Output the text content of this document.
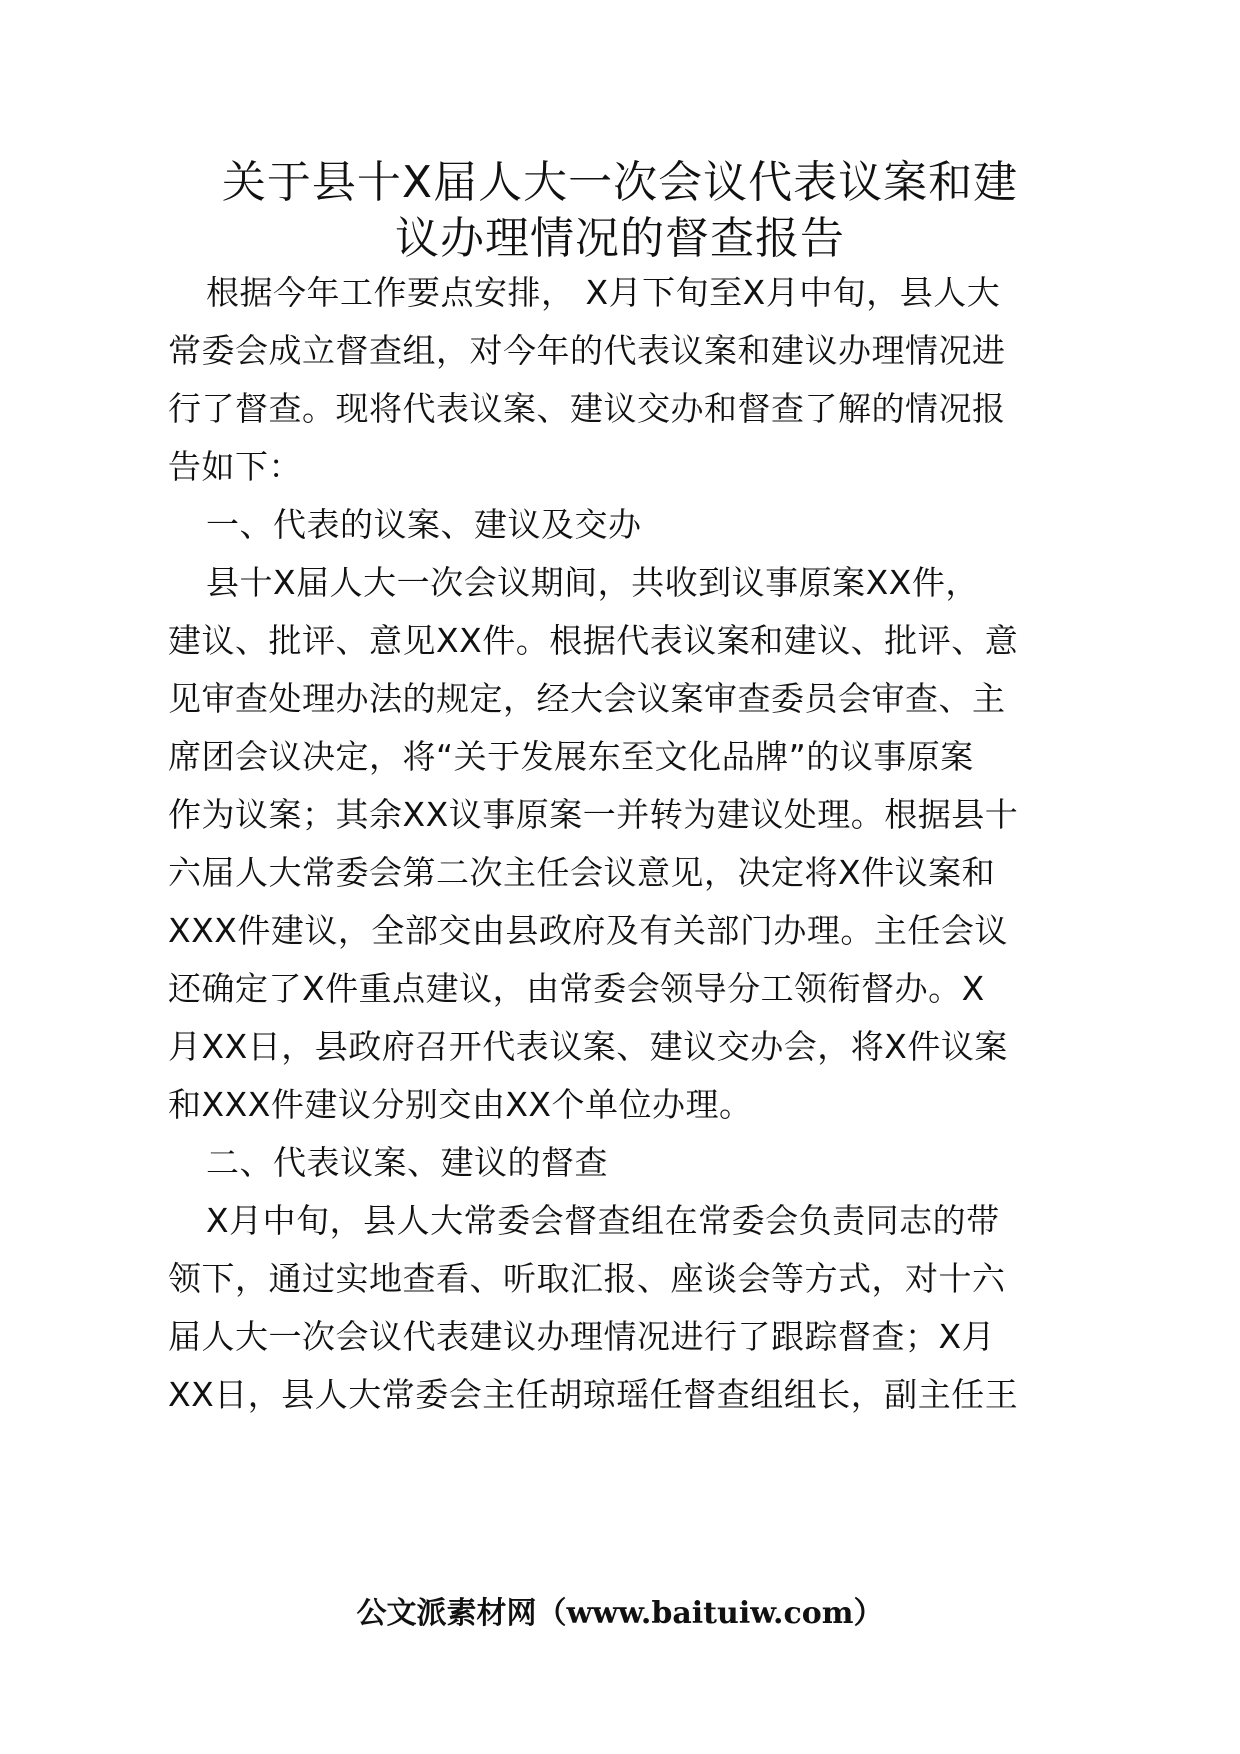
关于县十Ⅹ届人大一次会议代表议案和建
议办理情况的督查报告
根据今年工作要点安排， Ⅹ月下旬至Ⅹ月中旬，县人大
常委会成立督查组，对今年的代表议案和建议办理情况进
行了督查。现将代表议案、建议交办和督查了解的情况报
告如下：
一、代表的议案、建议及交办
县十Ⅹ届人大一次会议期间，共收到议事原案XX件，
建议、批评、意见XX件。根据代表议案和建议、批评、意
见审查处理办法的规定，经大会议案审查委员会审查、主
席团会议决定，将“关于发展东至文化品牌”的议事原案
作为议案；其余XX议事原案一并转为建议处理。根据县十
六届人大常委会第二次主任会议意见，决定将Ⅹ件议案和
XXX件建议，全部交由县政府及有关部门办理。主任会议
还确定了Ⅹ件重点建议，由常委会领导分工领衔督办。Ⅹ
月XX日，县政府召开代表议案、建议交办会，将Ⅹ件议案
和XXX件建议分别交由XX个单位办理。
二、代表议案、建议的督查
Ⅹ月中旬，县人大常委会督查组在常委会负责同志的带
领下，通过实地查看、听取汇报、座谈会等方式，对十六
届人大一次会议代表建议办理情况进行了跟踪督查；Ⅹ月
XX日，县人大常委会主任胡琼瑶任督查组组长，副主任王
公文派素材网（www.baituiw.com）
